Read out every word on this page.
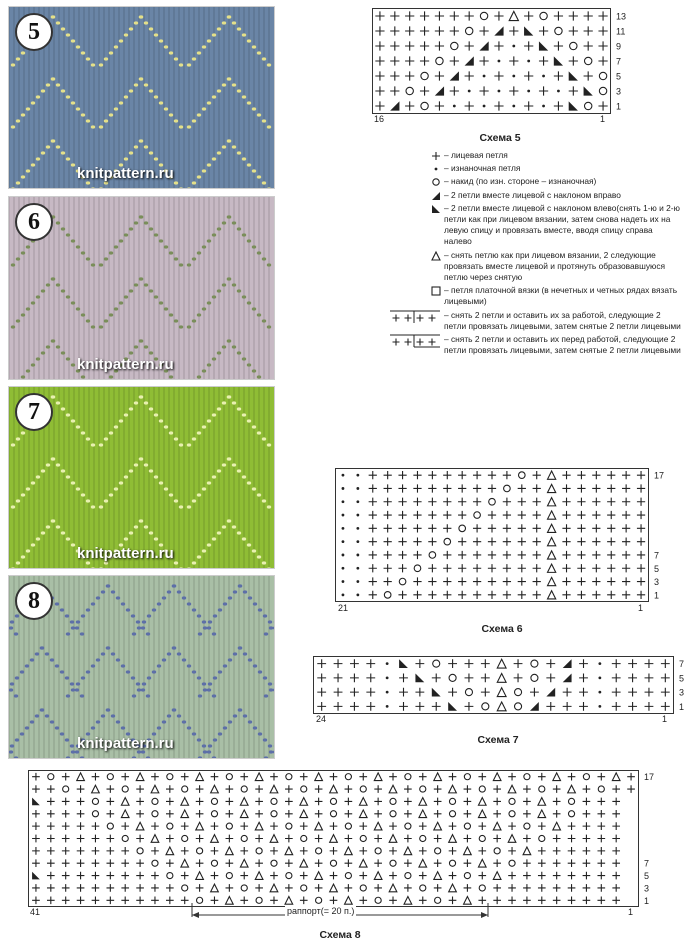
5
knitpattern.ru
6
knitpattern.ru
7
knitpattern.ru
8
knitpattern.ru
13
11
9
7
5
3
1
16	1
Схема 5
17
7
5
3
1
21	1
Схема 6
7
5
3
1
24	1
Схема 7
17
7
5
3
1
41	1
раппорт(= 20 п.)
Схема 8
– лицевая петля
– изнаночная петля
– накид (по изн. стороне – изнаночная)
– 2 петли вместе лицевой с наклоном вправо
– 2 петли вместе лицевой с наклоном влево(снять 1-ю и 2-ю петли как при лицевом вязании, затем снова надеть их на левую спицу и провязать вместе, вводя спицу справа налево
– снять петлю как при лицевом вязании, 2 следующие провязать вместе лицевой и протянуть образовавшуюся петлю через снятую
– петля платочной вязки (в нечетных и четных рядах вязать лицевыми)
– снять 2 петли и оставить их за работой, следующие 2 петли провязать лицевыми, затем снятые 2 петли лицевыми
– снять 2 петли и оставить их перед работой, следующие 2 петли провязать лицевыми, затем снятые 2 петли лицевыми
